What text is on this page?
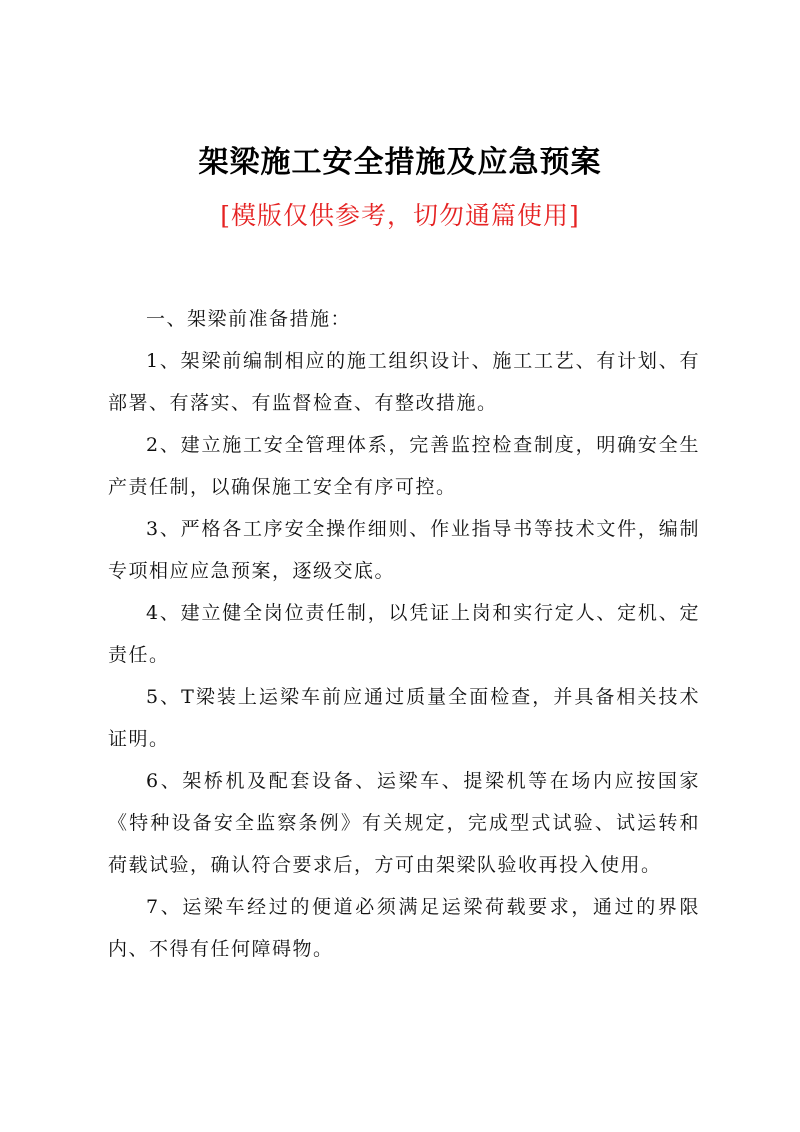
架梁施工安全措施及应急预案
[模版仅供参考，切勿通篇使用]

一、架梁前准备措施：

1、架梁前编制相应的施工组织设计、施工工艺、有计划、有部署、有落实、有监督检查、有整改措施。

2、建立施工安全管理体系，完善监控检查制度，明确安全生产责任制，以确保施工安全有序可控。

3、严格各工序安全操作细则、作业指导书等技术文件，编制专项相应应急预案，逐级交底。

4、建立健全岗位责任制，以凭证上岗和实行定人、定机、定责任。

5、T梁装上运梁车前应通过质量全面检查，并具备相关技术证明。

6、架桥机及配套设备、运梁车、提梁机等在场内应按国家《特种设备安全监察条例》有关规定，完成型式试验、试运转和荷载试验，确认符合要求后，方可由架梁队验收再投入使用。

7、运梁车经过的便道必须满足运梁荷载要求，通过的界限内、不得有任何障碍物。
